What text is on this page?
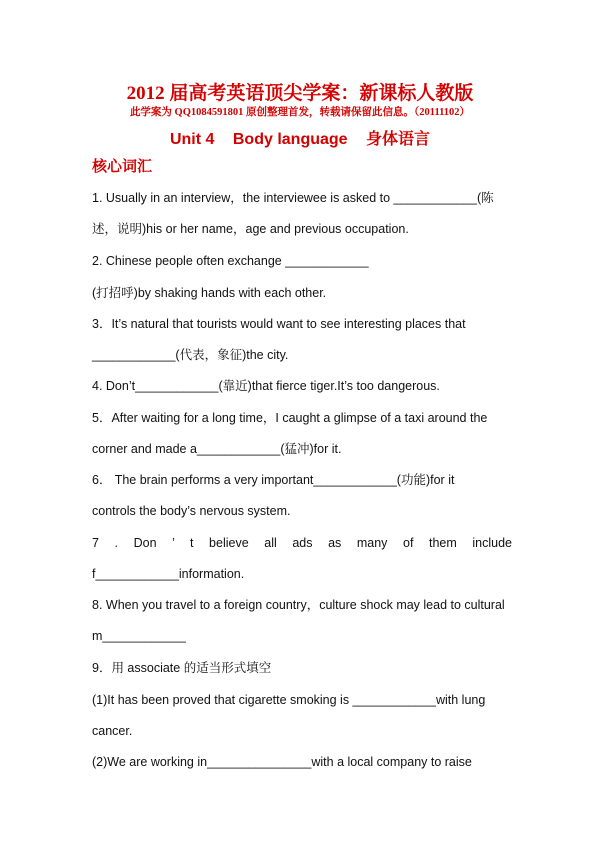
2012 届高考英语顶尖学案：新课标人教版
此学案为 QQ1084591801 原创整理首发，转载请保留此信息。（20111102）
Unit 4 Body language 身体语言
核心词汇
1. Usually in an interview，the interviewee is asked to ____________(陈
述，说明)his or her name，age and previous occupation.
2. Chinese people often exchange ____________
(打招呼)by shaking hands with each other.
3．It’s natural that tourists would want to see interesting places that
____________(代表，象征)the city.
4. Don’t____________(靠近)that fierce tiger.It’s too dangerous.
5．After waiting for a long time，I caught a glimpse of a taxi around the
corner and made a____________(猛冲)for it.
6． The brain performs a very important____________(功能)for it
controls the body’s nervous system.
7 . Don ’ t believe all ads as many of them include
f____________information.
8. When you travel to a foreign country，culture shock may lead to cultural
m____________
9．用 associate 的适当形式填空
(1)It has been proved that cigarette smoking is ____________with lung
cancer.
(2)We are working in_______________with a local company to raise
